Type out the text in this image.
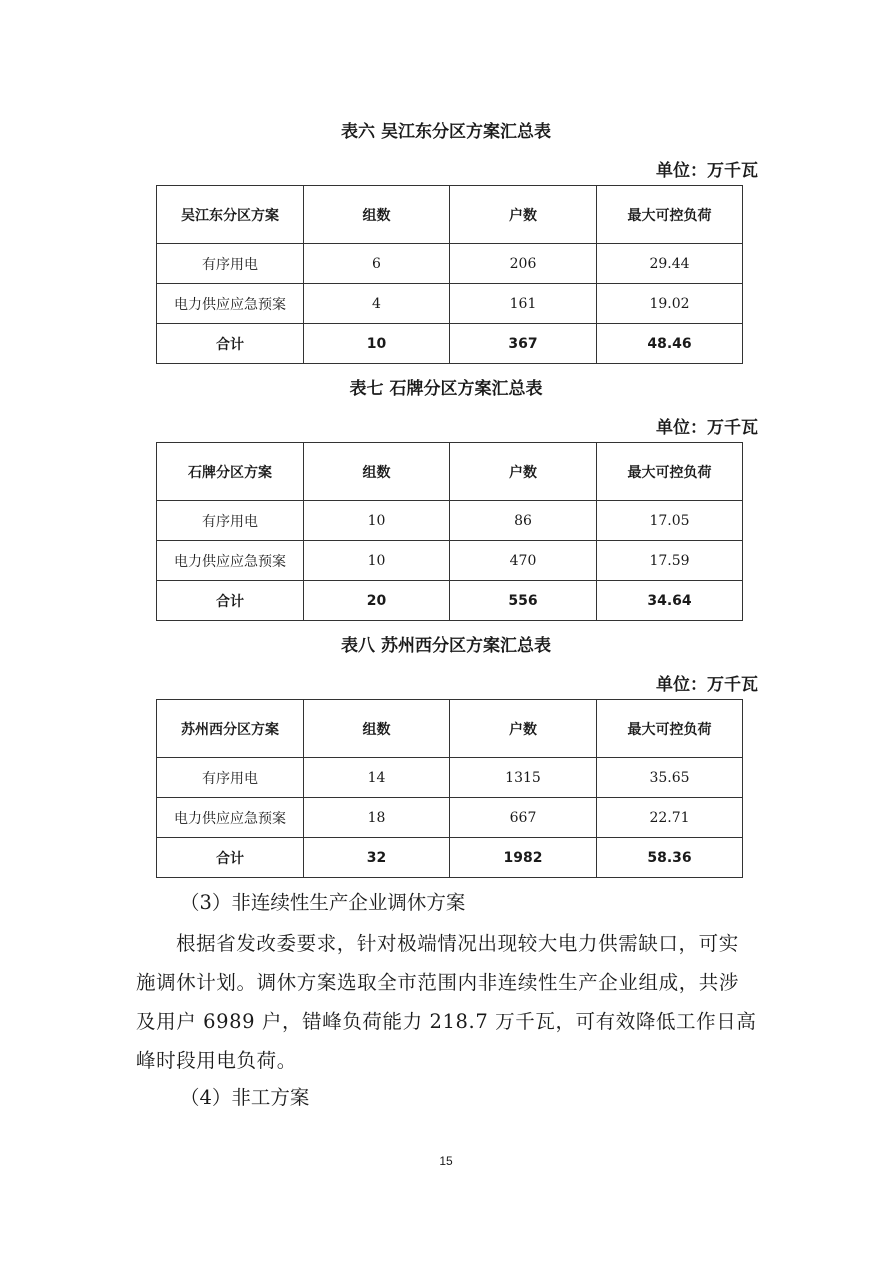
表六 吴江东分区方案汇总表
单位：万千瓦
吴江东分区方案	组数	户数	最大可控负荷
有序用电	6	206	29.44
电力供应应急预案	4	161	19.02
合计	10	367	48.46
表七 石牌分区方案汇总表
单位：万千瓦
石牌分区方案	组数	户数	最大可控负荷
有序用电	10	86	17.05
电力供应应急预案	10	470	17.59
合计	20	556	34.64
表八 苏州西分区方案汇总表
单位：万千瓦
苏州西分区方案	组数	户数	最大可控负荷
有序用电	14	1315	35.65
电力供应应急预案	18	667	22.71
合计	32	1982	58.36
（3）非连续性生产企业调休方案
根据省发改委要求，针对极端情况出现较大电力供需缺口，可实施调休计划。调休方案选取全市范围内非连续性生产企业组成，共涉及用户 6989 户，错峰负荷能力 218.7 万千瓦，可有效降低工作日高峰时段用电负荷。
（4）非工方案
15
